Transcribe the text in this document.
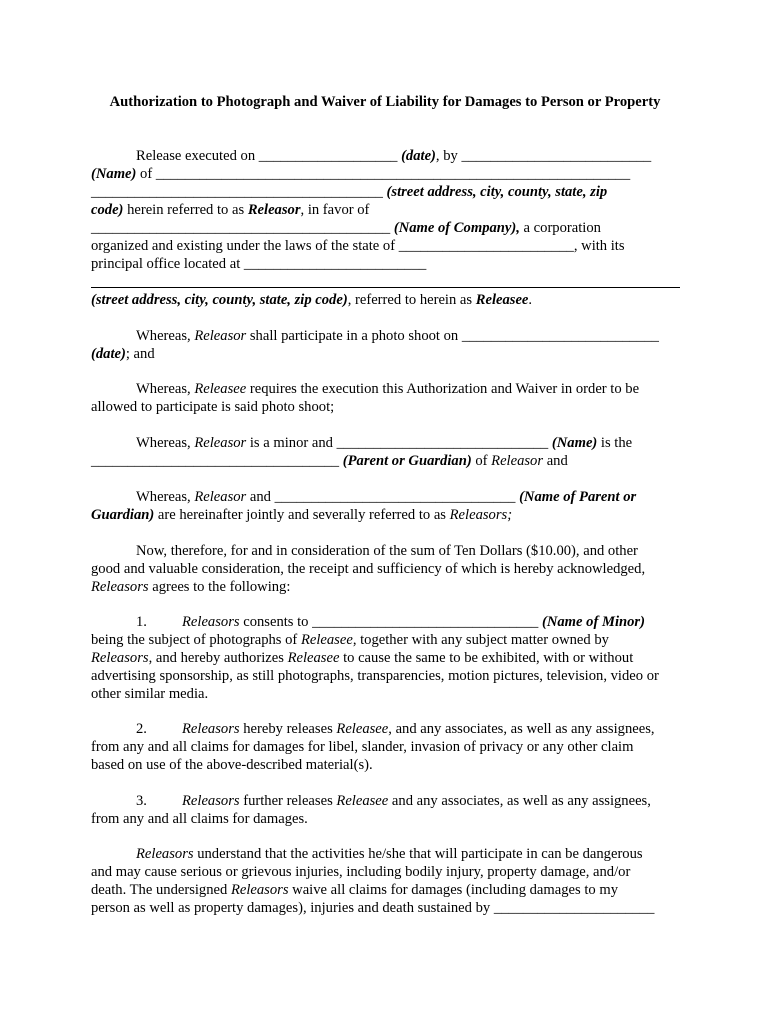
Authorization to Photograph and Waiver of Liability for Damages to Person or Property
Release executed on ___________________ (date), by __________________________
(Name) of _________________________________________________________________
________________________________________ (street address, city, county, state, zip
code) herein referred to as Releasor, in favor of
_________________________________________ (Name of Company), a corporation
organized and existing under the laws of the state of ________________________, with its
principal office located at _________________________
(street address, city, county, state, zip code), referred to herein as Releasee.
Whereas, Releasor shall participate in a photo shoot on ___________________________
(date); and
Whereas, Releasee requires the execution this Authorization and Waiver in order to be
allowed to participate is said photo shoot;
Whereas, Releasor is a minor and _____________________________ (Name) is the
__________________________________ (Parent or Guardian) of Releasor and
Whereas, Releasor and _________________________________ (Name of Parent or
Guardian) are hereinafter jointly and severally referred to as Releasors;
Now, therefore, for and in consideration of the sum of Ten Dollars ($10.00), and other
good and valuable consideration, the receipt and sufficiency of which is hereby acknowledged,
Releasors agrees to the following:
1. Releasors consents to _______________________________ (Name of Minor)
being the subject of photographs of Releasee, together with any subject matter owned by
Releasors, and hereby authorizes Releasee to cause the same to be exhibited, with or without
advertising sponsorship, as still photographs, transparencies, motion pictures, television, video or
other similar media.
2. Releasors hereby releases Releasee, and any associates, as well as any assignees,
from any and all claims for damages for libel, slander, invasion of privacy or any other claim
based on use of the above-described material(s).
3. Releasors further releases Releasee and any associates, as well as any assignees,
from any and all claims for damages.
Releasors understand that the activities he/she that will participate in can be dangerous
and may cause serious or grievous injuries, including bodily injury, property damage, and/or
death. The undersigned Releasors waive all claims for damages (including damages to my
person as well as property damages), injuries and death sustained by ______________________
